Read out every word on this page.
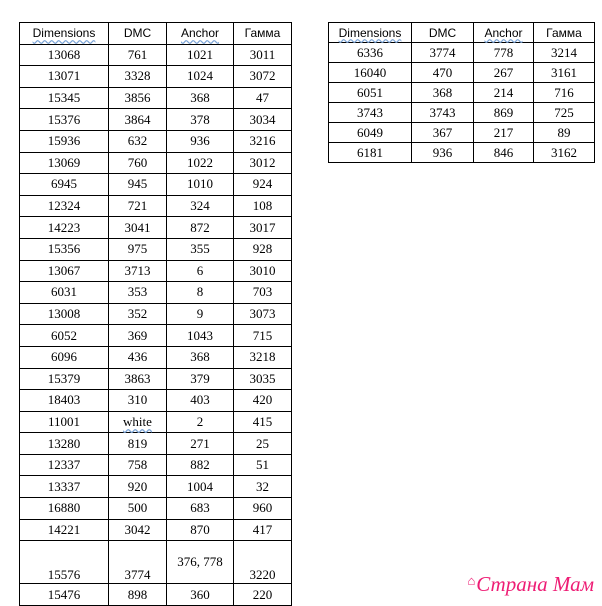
Dimensions	DMC	Anchor	Гамма
13068	761	1021	3011
13071	3328	1024	3072
15345	3856	368	47
15376	3864	378	3034
15936	632	936	3216
13069	760	1022	3012
6945	945	1010	924
12324	721	324	108
14223	3041	872	3017
15356	975	355	928
13067	3713	6	3010
6031	353	8	703
13008	352	9	3073
6052	369	1043	715
6096	436	368	3218
15379	3863	379	3035
18403	310	403	420
11001	white	2	415
13280	819	271	25
12337	758	882	51
13337	920	1004	32
16880	500	683	960
14221	3042	870	417
15576	3774	376, 778	3220
15476	898	360	220
Dimensions	DMC	Anchor	Гамма
6336	3774	778	3214
16040	470	267	3161
6051	368	214	716
3743	3743	869	725
6049	367	217	89
6181	936	846	3162
⌂Страна Мам
